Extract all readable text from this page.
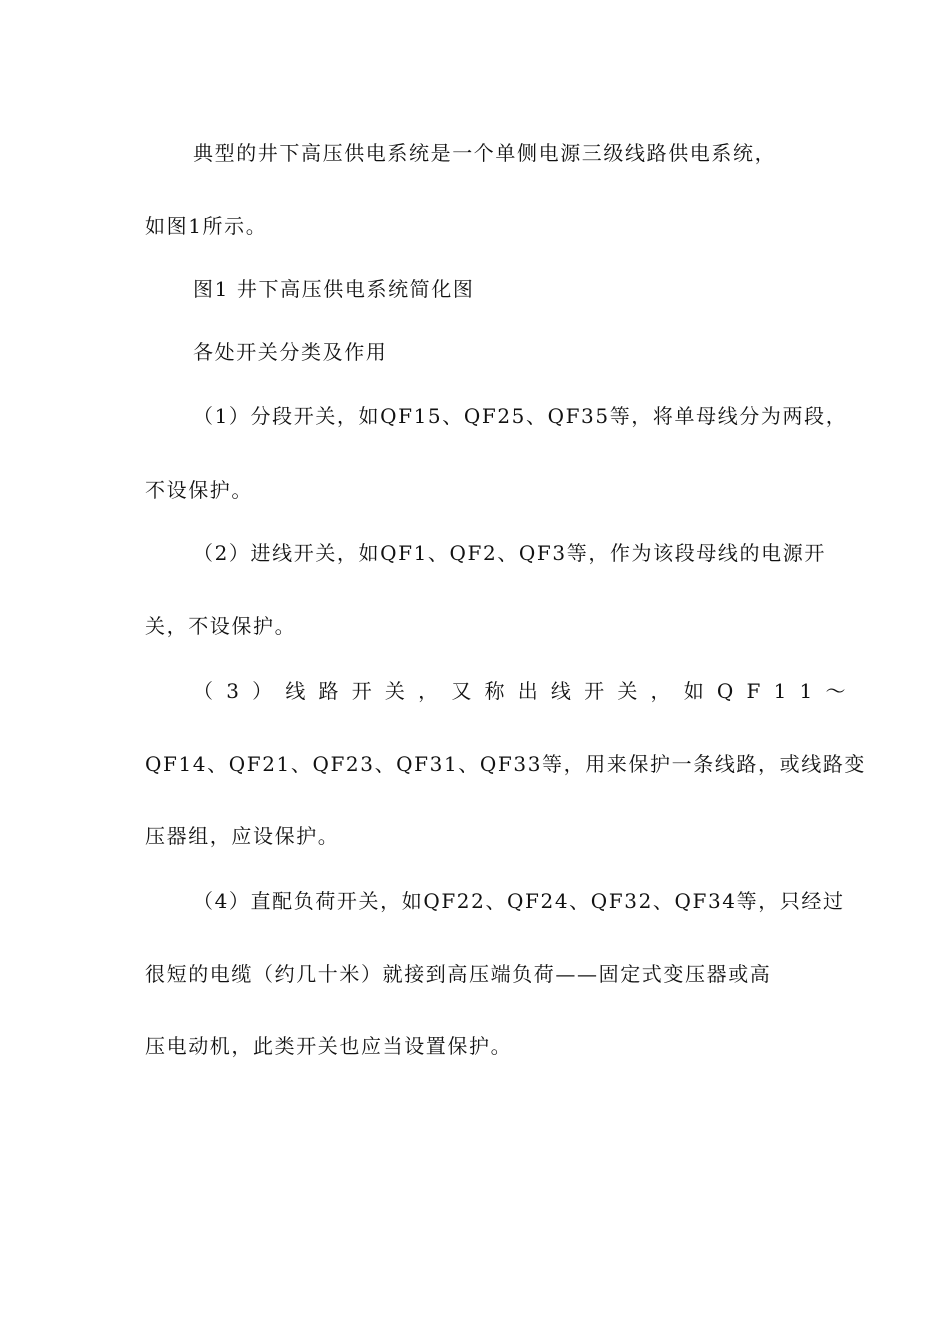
典型的井下高压供电系统是一个单侧电源三级线路供电系统，
如图1所示。
图1 井下高压供电系统简化图
各处开关分类及作用
（1）分段开关，如QF15、QF25、QF35等，将单母线分为两段，
不设保护。
（2）进线开关，如QF1、QF2、QF3等，作为该段母线的电源开
关，不设保护。
（3）线路开关，又称出线开关，如QF11～
QF14、QF21、QF23、QF31、QF33等，用来保护一条线路，或线路变
压器组，应设保护。
（4）直配负荷开关，如QF22、QF24、QF32、QF34等，只经过
很短的电缆（约几十米）就接到高压端负荷——固定式变压器或高
压电动机，此类开关也应当设置保护。
